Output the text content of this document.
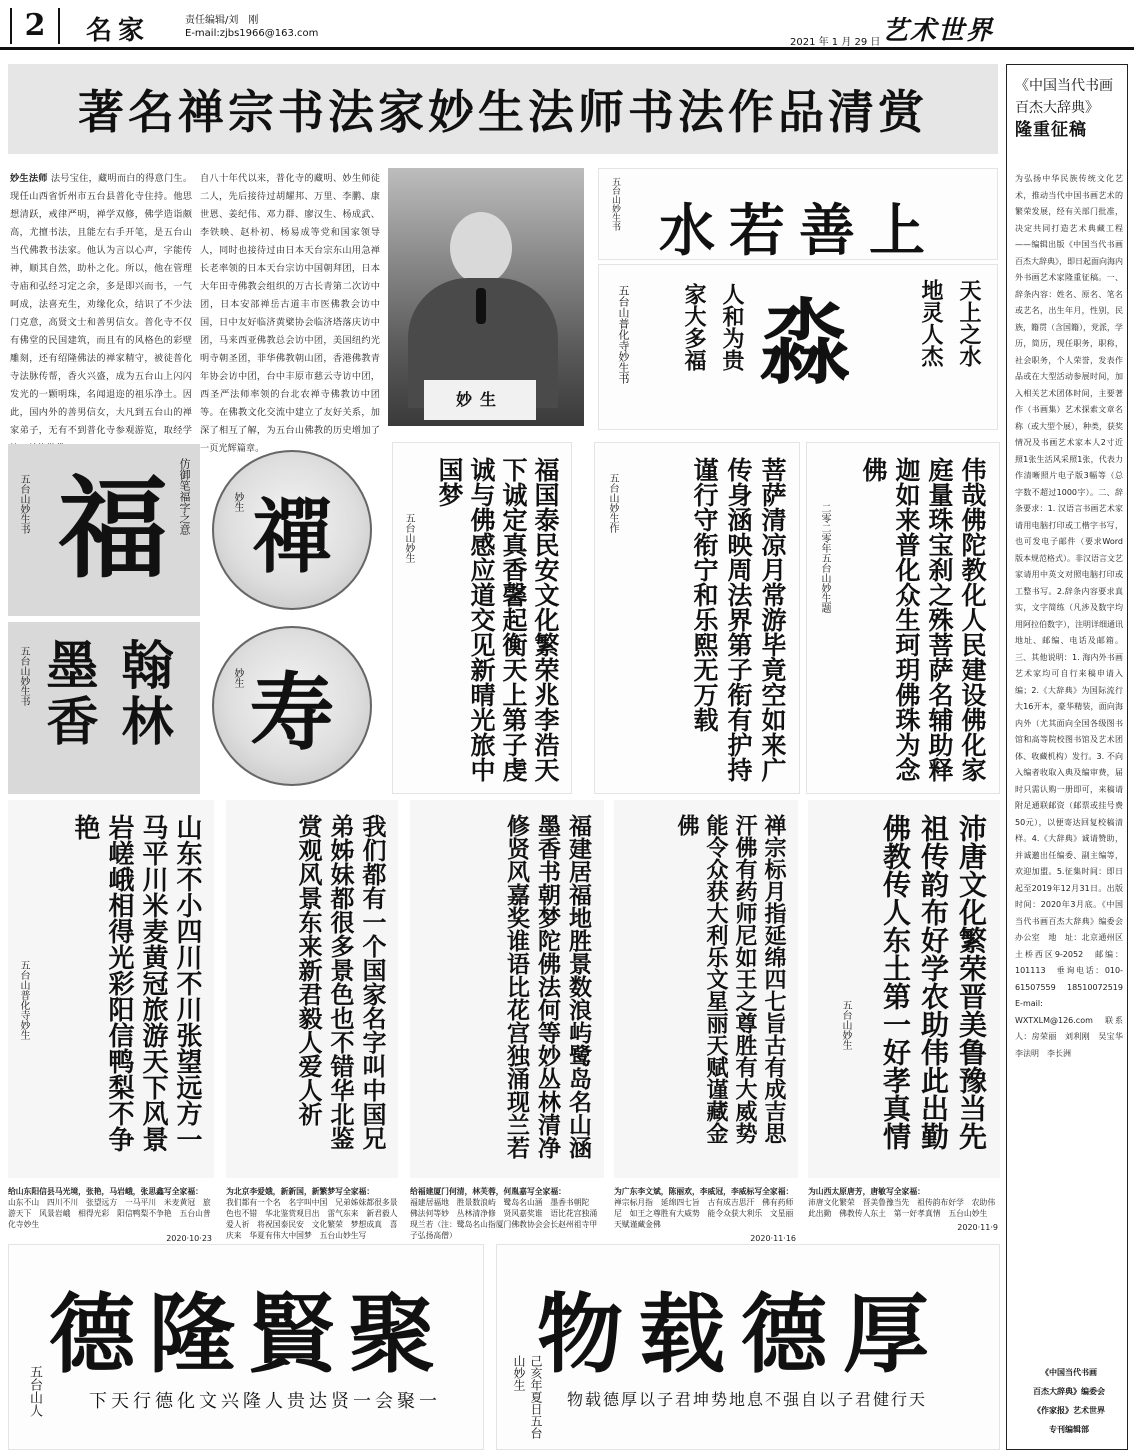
2	名家	责任编辑/刘　刚
E-mail:zjbs1966@163.com
2021 年 1 月 29 日 艺术世界
著名禅宗书法家妙生法师书法作品清赏
妙生法师 法号宝住，藏明而白的得意门生。现任山西省忻州市五台县普化寺住持。他思想清跃，戒律严明，禅学双修，佛学造诣颇高，尤擅书法，且能左右手开笔，是五台山当代佛教书法家。他认为言以心声，字能传神，顺其自然，助朴之化。所以，他在管理寺庙和弘经习定之余，多是即兴而书，一气呵成，法喜充生，劝缘化众，结识了不少法门克意，高贤文士和善男信女。普化寺不仅有佛堂的民国建筑，而且有的风格色的彩壁雕刻，还有绍隆佛法的禅家精守，被徒普化寺法脉传帮，香火兴盛，成为五台山上闪闪发光的一颗明珠，名闻退迩的祖乐净土。因此，国内外的善男信女，大凡到五台山的禅家弟子，无有不到普化寺参观游览，取经学
自八十年代以来，普化寺的藏明、妙生师徒二人，先后接待过胡耀邦、万里、李鹏、康世恩、姜纪伟、邓力群、廖汉生、杨成武、李铁映、赵朴初、杨易成等党和国家领导人，同时也接待过由日本天台宗东山用急禅长老率领的日本天台宗访中国朝拜团，日本大年田寺佛教会组织的万古长青第二次访中团，日本安部禅岳古道丰市医佛教会访中国，日中友好临济黄檗协会临济塔落庆访中团，马来西亚佛教总会访中团，美国纽约光明寺朝圣团，菲华佛教朝山团，香港佛教青年协会访中团，台中丰原市慈云寺访中团，西圣严法师率领的台北农禅寺佛教访中团等。在佛教文化交流中建立了友好关系，加深了相互了解，为五台山佛教的历史增加了一页光辉篇章。
妙生
上善若水
五台山妙生书
天上之水
地灵人杰
淼
人和为贵
家大多福
五台山普化寺妙生书
福 仿御笔福字之意
五台山妙生书	禪
妙生
翰林墨香
五台山妙生书	寿
妙生	福国泰民安文化繁荣兆李浩天下诚定真香馨起衡天上第子虔诚与佛感应道交见新晴光旅中国梦
五台山妙生	菩萨清凉月常游毕竟空如来广传身涵映周法界第子衔有护持谨行守衔宁和乐熙无万载
五台山妙生作	伟哉佛陀教化人民建设佛化家庭量珠宝刹之殊菩萨名辅助释迦如来普化众生珂玥佛珠为念佛
二零二零年五台山妙生题
山东不小四川不川张望远方一马平川米麦黄冠旅游天下风景岩嵯峨相得光彩阳信鸭梨不争艳
五台山普化寺妙生
给山东阳信县马光境，张艳，马岩峨，张思鑫写全家福：
山东不山　四川不川　张望远方　一马平川　米麦黄冠　旅游天下　风景岩峨　相得光彩　阳信鸭梨不争艳　五台山普化寺妙生
2020·10·23
我们都有一个国家名字叫中国兄弟姊妹都很多景色也不错华北鉴赏观风景东来新君毅人爱人祈
为北京李爱娥，新新国，新繁梦写全家福：
我们都有一个名　名字叫中国　兄弟姊妹都很多景色也不错　华北鉴赏观目出　雷气东来　新君毅人爱人祈　将祝国泰民安　文化繁荣　梦想成真　喜庆来　华夏有伟大中国梦　五台山妙生写
福建居福地胜景数浪屿鹭岛名山涵墨香书朝梦陀佛法何等妙丛林清净修贤风嘉奖谁语比花宫独涌现兰若
给福建厦门何清，林芙蓉，何胤嘉写全家福：
福建居福地　胜景数浪屿　鹭岛名山涵　墨香书朝陀　佛法何等妙　丛林清净修　贤风嘉奖谁　语比花宫独涌现兰若（注：鹭岛名山指厦门佛教协会会长赵州祖寺甲子弘扬高僧）
禅宗标月指延绵四七旨古有成吉思汗佛有药师尼如王之尊胜有大威势能令众获大利乐文星丽天赋谨藏金佛
为广东李文斌，陈丽欢，李威冠，李威标写全家福：
禅宗标月指　延绵四七旨　古有成吉思汗　佛有药师尼　如王之尊胜有大威势　能令众获大利乐　文星丽天赋谨藏金佛
2020·11·16
沛唐文化繁荣晋美鲁豫当先祖传韵布好学农助伟此出勤佛教传人东土第一好孝真情
五台山妙生
为山西太原唐芳，唐敏写全家福：
沛唐文化繁荣　晋美鲁豫当先　祖传韵布好学　农助伟此出勤　佛教传人东土　第一好孝真情　五台山妙生
2020·11·9
聚賢隆德
一聚会一贤达贵人隆兴文化德行天下
五台山人
厚德载物
天行健君子以自强不息地势坤君子以厚德载物
己亥年夏日五台山妙生
《中国当代书画
百杰大辞典》
隆重征稿
为弘扬中华民族传统文化艺术，推动当代中国书画艺术的繁荣发展，经有关部门批准，决定共同打造艺术典藏工程——编辑出版《中国当代书画百杰大辞典》，即日起面向海内外书画艺术家隆重征稿。一、辞条内容：姓名、原名、笔名或艺名，出生年月，性别，民族，籍贯（含国籍），党派，学历，简历，现任职务，职称，社会职务，个人荣誉，发表作品或在大型活动参展时间，加入相关艺术团体时间，主要著作（书画集）艺术探索文章名称（或大型个展），种类，获奖情况及书画艺术家本人2寸近照1张生活风采照1张，代表力作清晰照片电子版3幅等（总字数不超过1000字）。二、辞条要求：1. 汉语言书画艺术家请用电脑打印或工楷字书写，也可发电子邮件（要求Word版本规范格式）。非汉语言文艺家请用中英文对照电脑打印或工整书写。2.辞条内容要求真实，文字简练（凡涉及数字均用阿拉伯数字），注明详细通讯地址、邮编、电话及邮箱。三、其他说明：1. 海内外书画艺术家均可自行来稿申请入编；2.《大辞典》为国际流行大16开本，豪华精装，面向海内外（尤其面向全国各级图书馆和高等院校图书馆及艺术团体、收藏机构）发行。3. 不向入编者收取入典及编审费，届时只需认购一册即可，来稿请附足通联邮资（邮票或挂号费50元），以便寄达回复校稿清样。4.《大辞典》诚请赞助，并诚邀出任编委、副主编等，欢迎加盟。5.征集时间：即日起至2019年12月31日。出版时间：2020年3月底。《中国当代书画百杰大辞典》编委会办公室　地　址：北京通州区土桥西区9-2052　邮编：101113　垂询电话：010-61507559　18510072519　E-mail: WXTXLM@126.com　联系人：房荣丽　刘利刚　吴宝华　李法明　李长洲
《中国当代书画
百杰大辞典》编委会
《作家报》艺术世界
专刊编辑部
